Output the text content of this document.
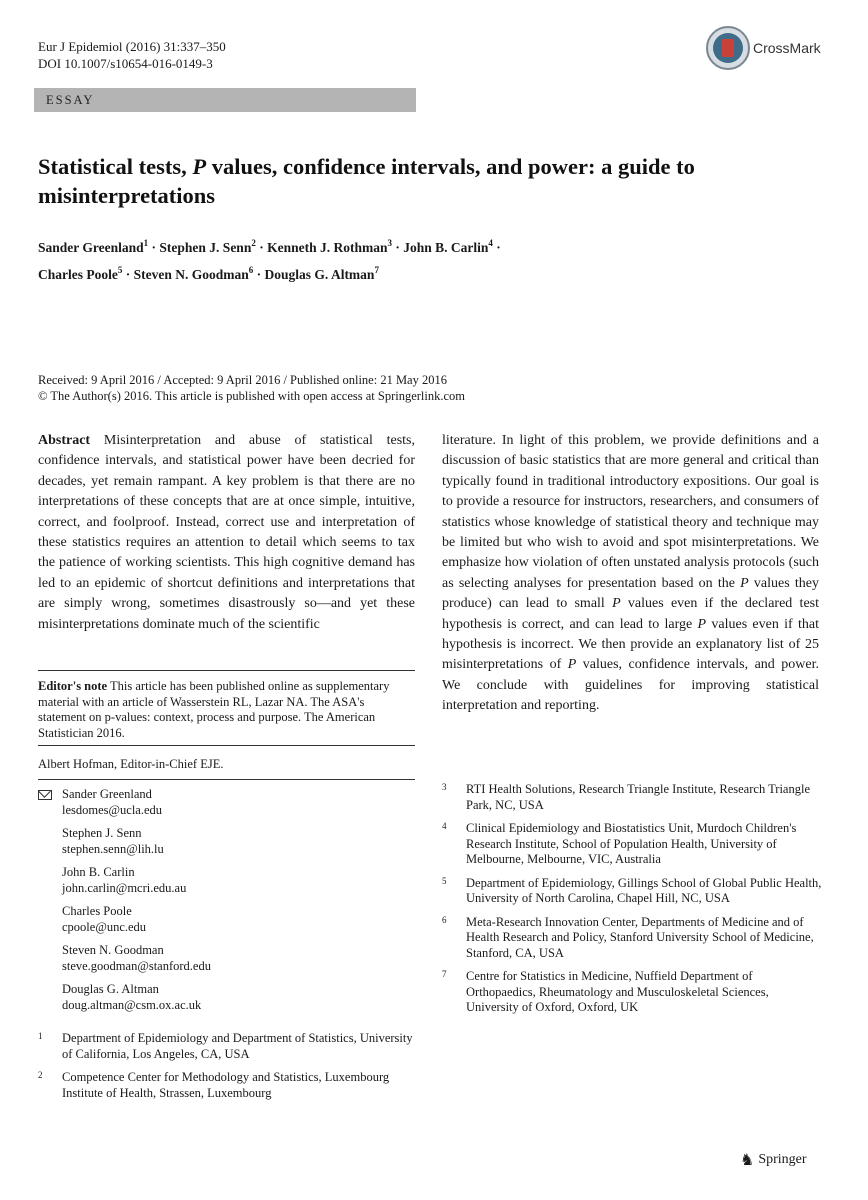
Eur J Epidemiol (2016) 31:337–350
DOI 10.1007/s10654-016-0149-3
CrossMark
ESSAY
Statistical tests, P values, confidence intervals, and power: a guide to misinterpretations
Sander Greenland$^1$ · Stephen J. Senn$^2$ · Kenneth J. Rothman$^3$ · John B. Carlin$^4$ ·
Charles Poole$^5$ · Steven N. Goodman$^6$ · Douglas G. Altman$^7$
Received: 9 April 2016 / Accepted: 9 April 2016 / Published online: 21 May 2016
© The Author(s) 2016. This article is published with open access at Springerlink.com
Abstract Misinterpretation and abuse of statistical tests, confidence intervals, and statistical power have been decried for decades, yet remain rampant. A key problem is that there are no interpretations of these concepts that are at once simple, intuitive, correct, and foolproof. Instead, correct use and interpretation of these statistics requires an attention to detail which seems to tax the patience of working scientists. This high cognitive demand has led to an epidemic of shortcut definitions and interpretations that are simply wrong, sometimes disastrously so—and yet these misinterpretations dominate much of the scientific
literature. In light of this problem, we provide definitions and a discussion of basic statistics that are more general and critical than typically found in traditional introductory expositions. Our goal is to provide a resource for instructors, researchers, and consumers of statistics whose knowledge of statistical theory and technique may be limited but who wish to avoid and spot misinterpretations. We emphasize how violation of often unstated analysis protocols (such as selecting analyses for presentation based on the P values they produce) can lead to small P values even if the declared test hypothesis is correct, and can lead to large P values even if that hypothesis is incorrect. We then provide an explanatory list of 25 misinterpretations of P values, confidence intervals, and power. We conclude with guidelines for improving statistical interpretation and reporting.
Editor's note This article has been published online as supplementary material with an article of Wasserstein RL, Lazar NA. The ASA's statement on p-values: context, process and purpose. The American Statistician 2016.
Albert Hofman, Editor-in-Chief EJE.
Sander Greenland
lesdomes@ucla.edu
Stephen J. Senn
stephen.senn@lih.lu
John B. Carlin
john.carlin@mcri.edu.au
Charles Poole
cpoole@unc.edu
Steven N. Goodman
steve.goodman@stanford.edu
Douglas G. Altman
doug.altman@csm.ox.ac.uk
1	Department of Epidemiology and Department of Statistics, University of California, Los Angeles, CA, USA
2	Competence Center for Methodology and Statistics, Luxembourg Institute of Health, Strassen, Luxembourg
3	RTI Health Solutions, Research Triangle Institute, Research Triangle Park, NC, USA
4	Clinical Epidemiology and Biostatistics Unit, Murdoch Children's Research Institute, School of Population Health, University of Melbourne, Melbourne, VIC, Australia
5	Department of Epidemiology, Gillings School of Global Public Health, University of North Carolina, Chapel Hill, NC, USA
6	Meta-Research Innovation Center, Departments of Medicine and of Health Research and Policy, Stanford University School of Medicine, Stanford, CA, USA
7	Centre for Statistics in Medicine, Nuffield Department of Orthopaedics, Rheumatology and Musculoskeletal Sciences, University of Oxford, Oxford, UK
♞ Springer
